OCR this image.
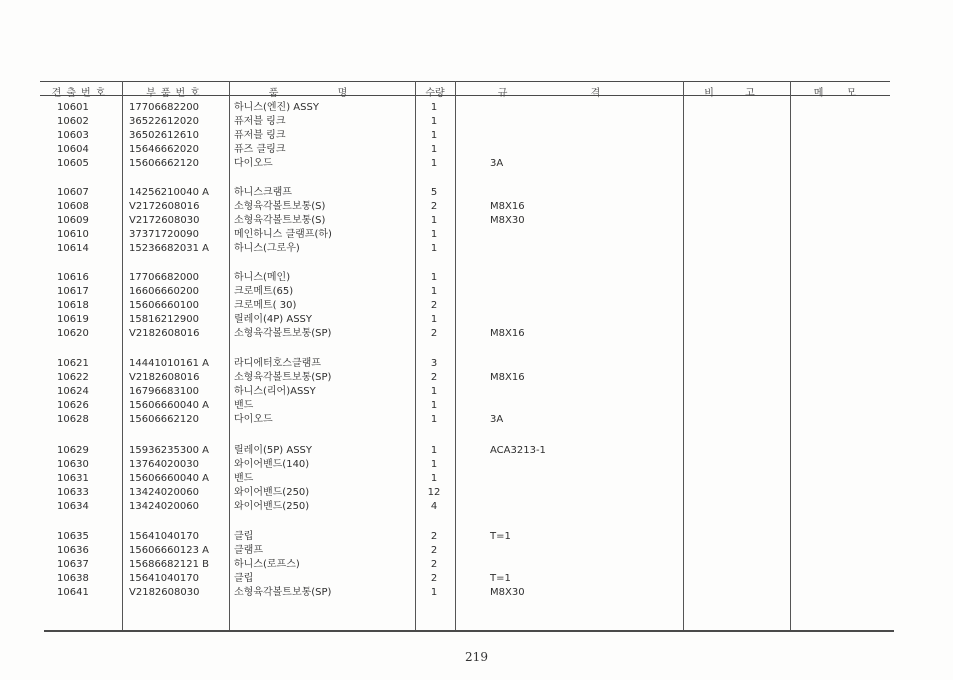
견출번호	부품번호	품 명	수량	규 격	비 고	메 모
10601	17706682200	하니스(엔진) ASSY	1
10602	36522612020	퓨저블 링크	1
10603	36502612610	퓨저블 링크	1
10604	15646662020	퓨즈 클링크	1
10605	15606662120	다이오드	1	3A
10607	14256210040 A 하니스크램프	5
10608	V2172608016	소형육각볼트보통(S)	2	M8X16
10609	V2172608030	소형육각볼트보통(S)	1	M8X30
10610	37371720090	메인하니스 클램프(하)	1
10614	15236682031 A 하니스(그로우)	1
10616	17706682000	하니스(메인)	1
10617	16606660200	크로메트(65)	1
10618	15606660100	크로메트( 30)	2
10619	15816212900	릴레이(4P) ASSY	1
10620	V2182608016	소형육각볼트보통(SP)	2	M8X16
10621	14441010161 A 라디에터호스클램프	3
10622	V2182608016	소형육각볼트보통(SP)	2	M8X16
10624	16796683100	하니스(리어)ASSY	1
10626	15606660040 A 밴드	1
10628	15606662120	다이오드	1	3A
10629	15936235300 A 릴레이(5P) ASSY	1	ACA3213-1
10630	13764020030	와이어밴드(140)	1
10631	15606660040 A 밴드	1
10633	13424020060	와이어밴드(250)	12
10634	13424020060	와이어밴드(250)	4
10635	15641040170	클립	2	T=1
10636	15606660123 A 클램프	2
10637	15686682121 B 하니스(로프스)	2
10638	15641040170	클립	2	T=1
10641	V2182608030	소형육각볼트보통(SP)	1	M8X30
219
